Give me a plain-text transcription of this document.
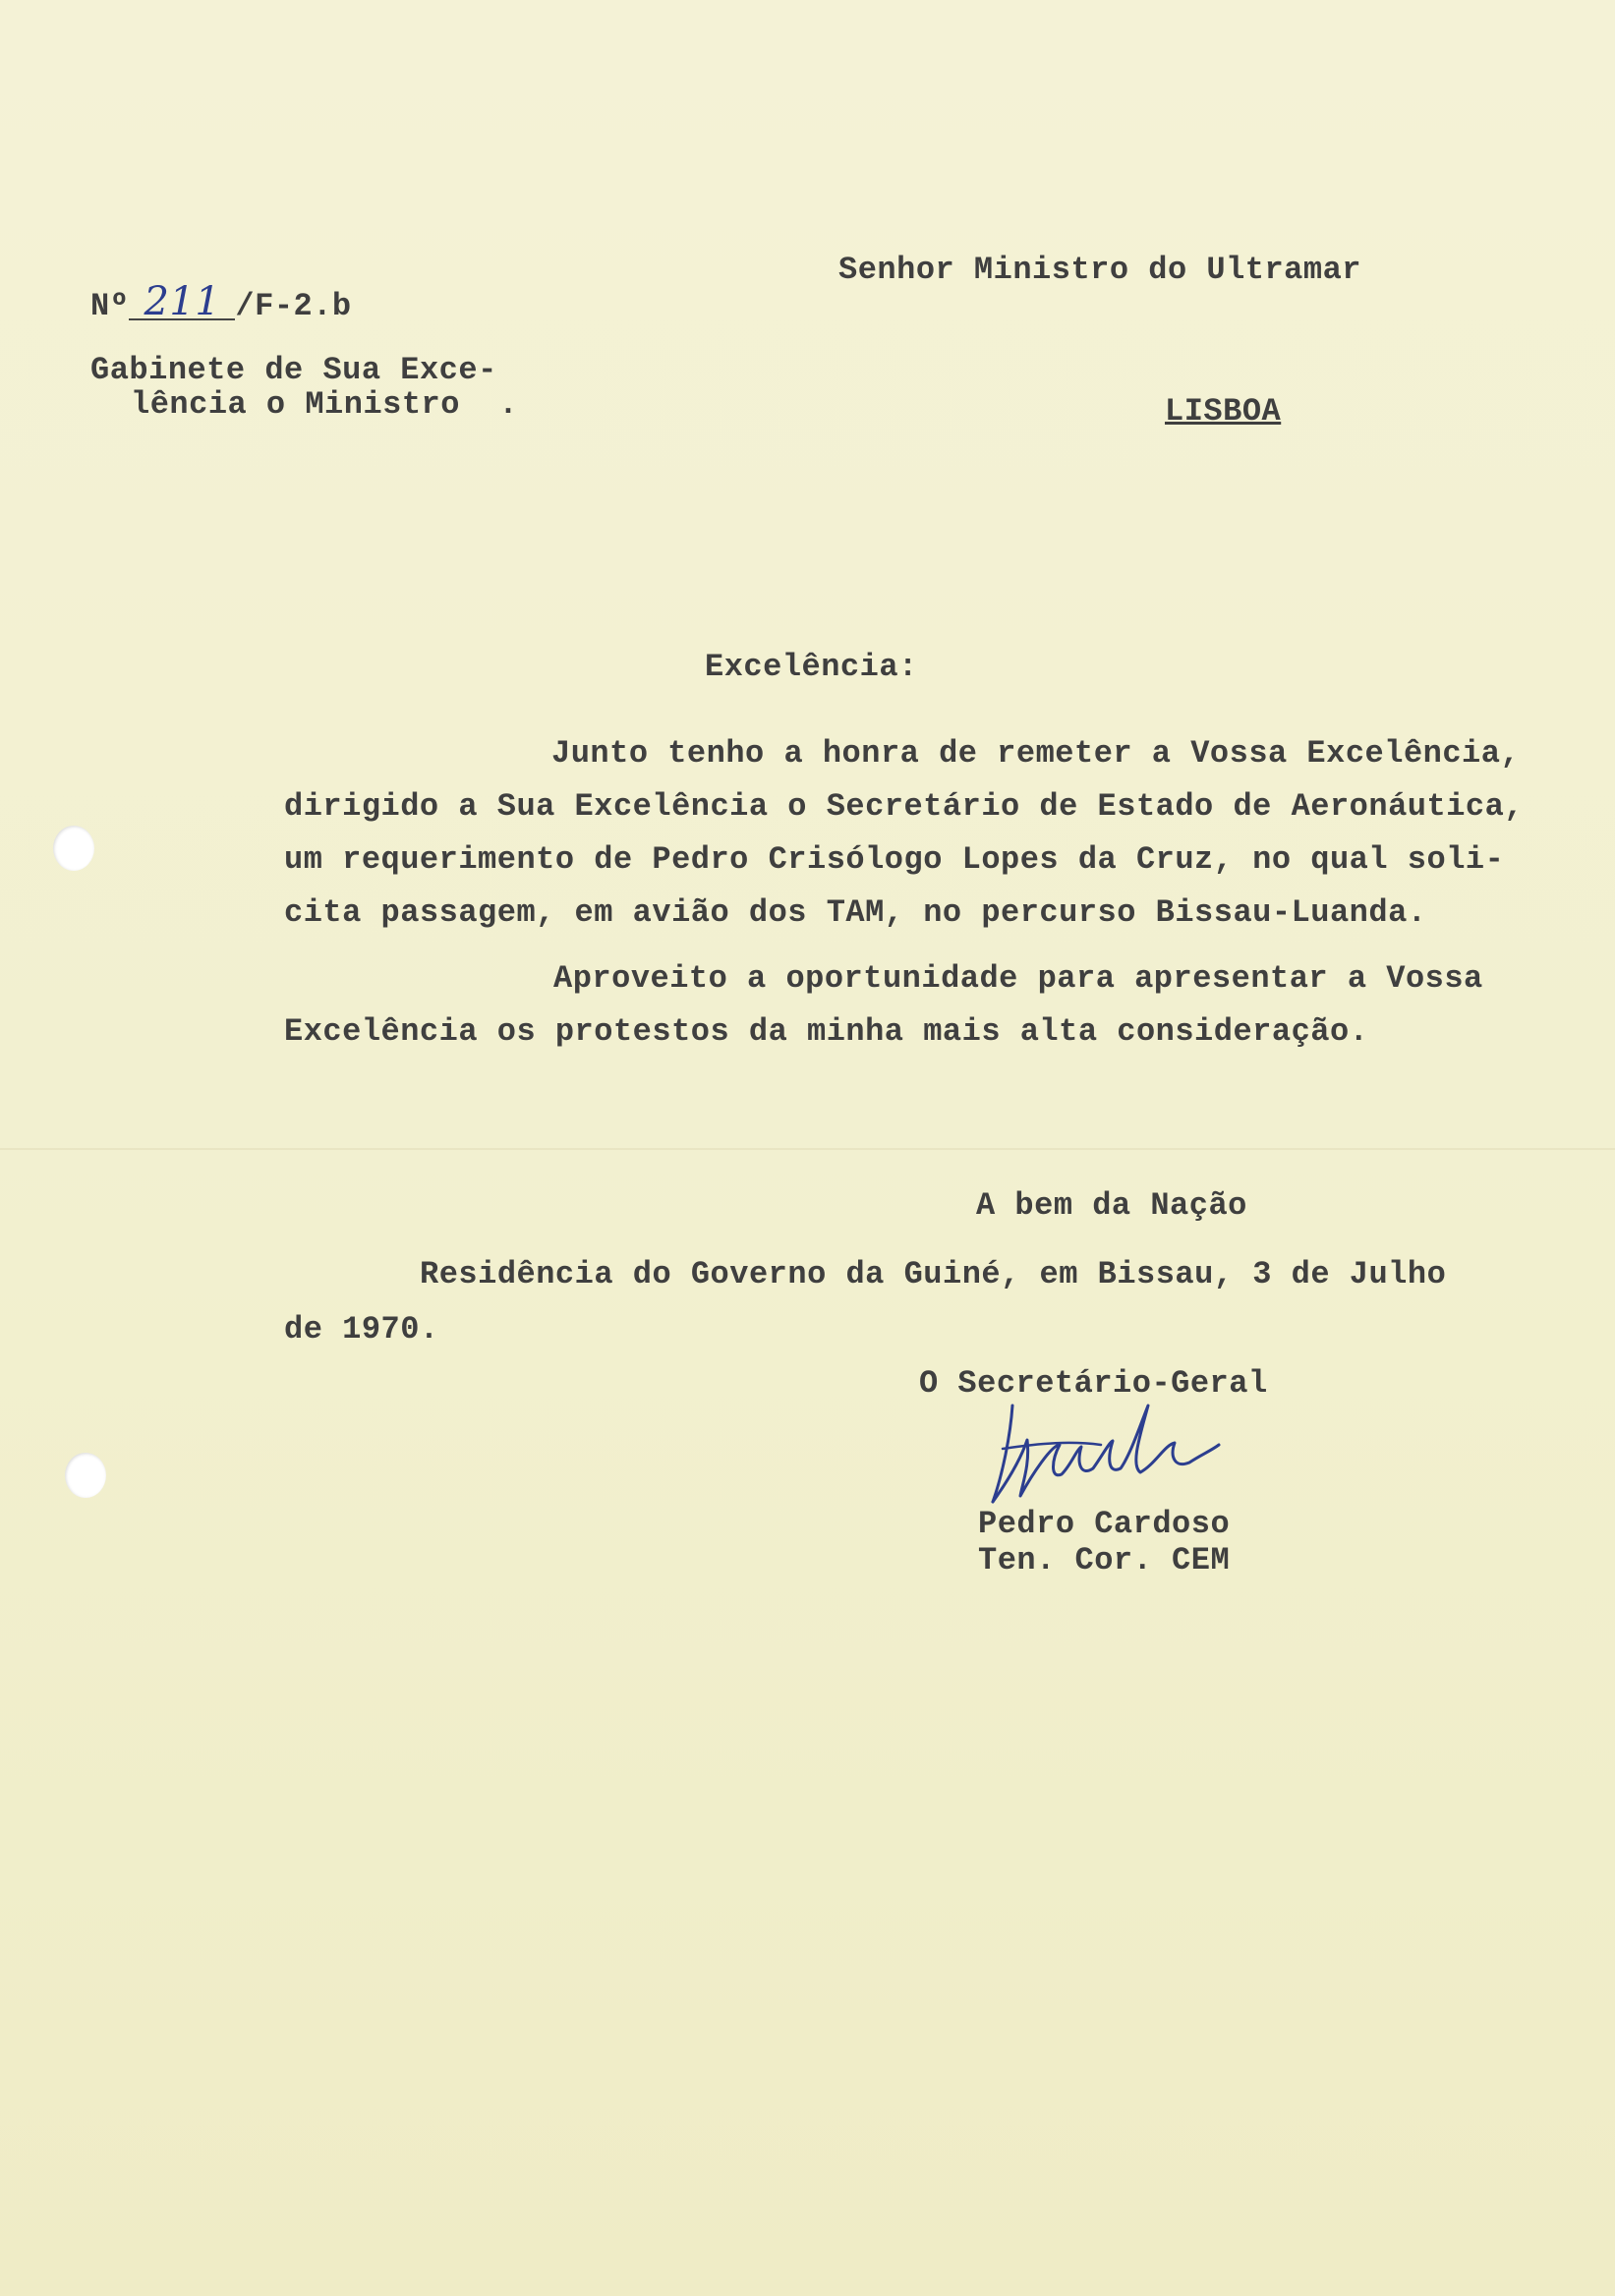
Nº 211 /F-2.b
Gabinete de Sua Exce-
lência o Ministro  .
Senhor Ministro do Ultramar
LISBOA
Excelência:
Junto tenho a honra de remeter a Vossa Excelência,
dirigido a Sua Excelência o Secretário de Estado de Aeronáutica,
um requerimento de Pedro Crisólogo Lopes da Cruz, no qual soli-
cita passagem, em avião dos TAM, no percurso Bissau-Luanda.
Aproveito a oportunidade para apresentar a Vossa
Excelência os protestos da minha mais alta consideração.
A bem da Nação
Residência do Governo da Guiné, em Bissau, 3 de Julho
de 1970.
O Secretário-Geral
Pedro Cardoso
Ten. Cor. CEM
